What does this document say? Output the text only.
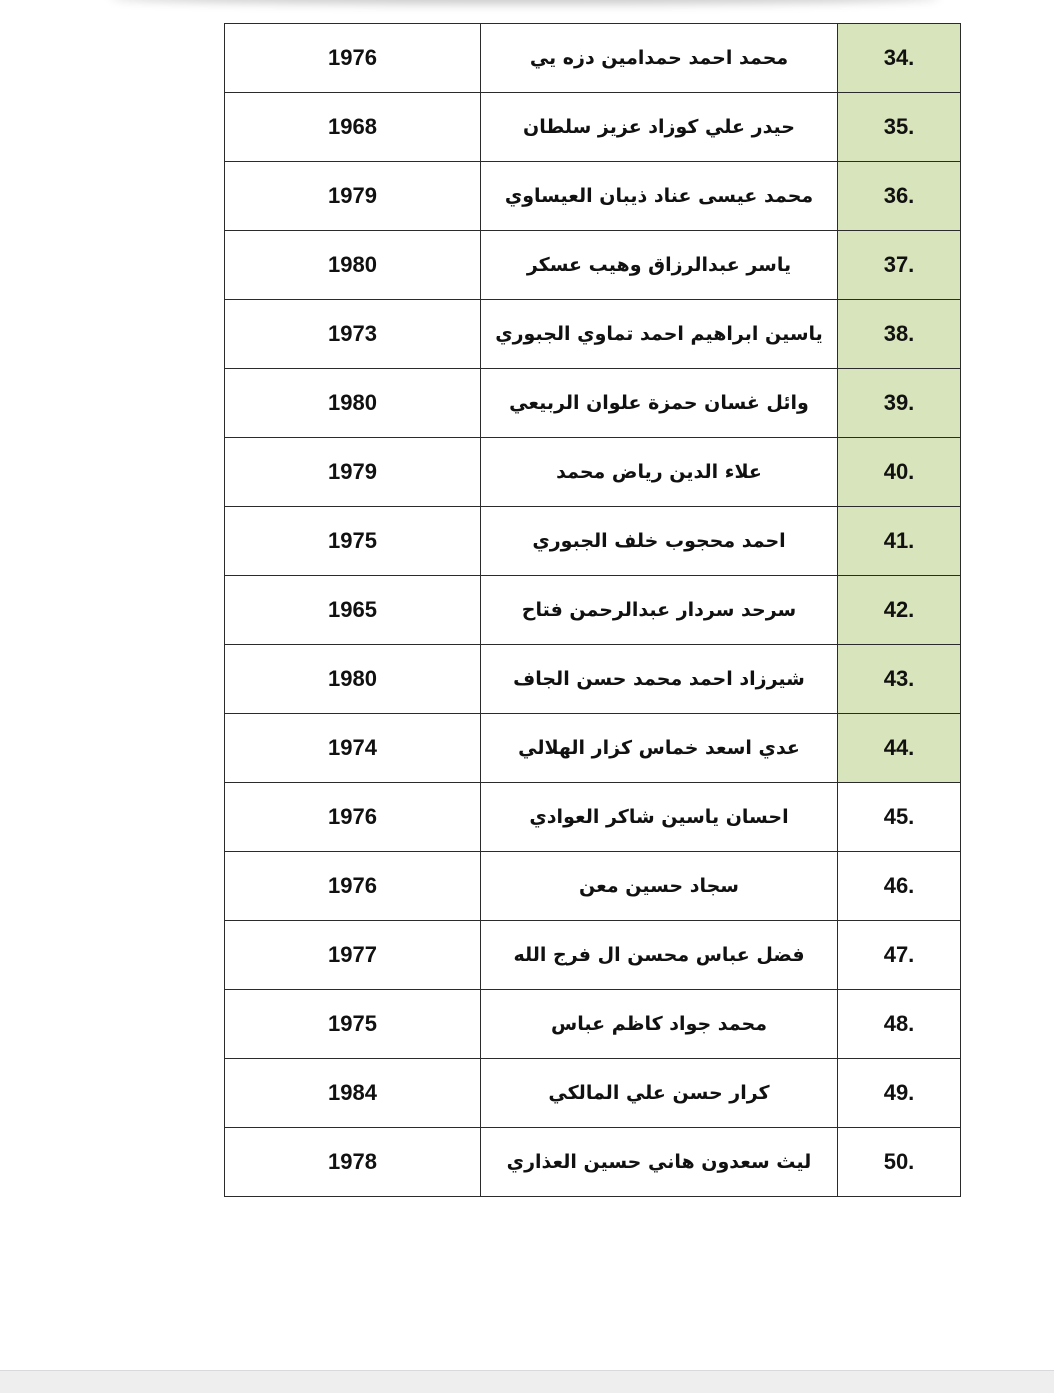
1976	محمد احمد حمدامين دزه يي	34.
1968	حيدر علي كوزاد عزيز سلطان	35.
1979	محمد عيسى عناد ذيبان العيساوي	36.
1980	ياسر عبدالرزاق وهيب عسكر	37.
1973	ياسين ابراهيم احمد تماوي الجبوري	38.
1980	وائل غسان حمزة علوان الربيعي	39.
1979	علاء الدين رياض محمد	40.
1975	احمد محجوب خلف الجبوري	41.
1965	سرحد سردار عبدالرحمن فتاح	42.
1980	شيرزاد احمد محمد حسن الجاف	43.
1974	عدي اسعد خماس كزار الهلالي	44.
1976	احسان ياسين شاكر العوادي	45.
1976	سجاد حسين معن	46.
1977	فضل عباس محسن ال فرج الله	47.
1975	محمد جواد كاظم عباس	48.
1984	كرار حسن علي المالكي	49.
1978	ليث سعدون هاني حسين العذاري	50.
